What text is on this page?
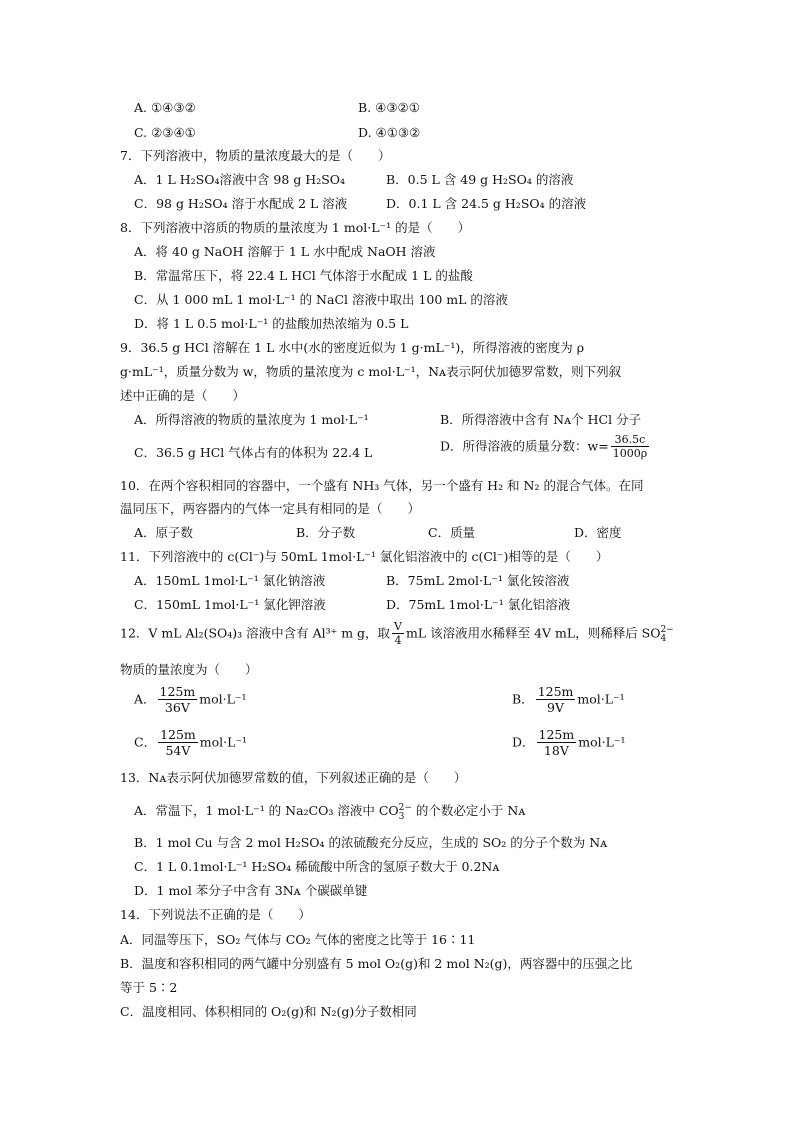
A. ①④③②	B. ④③②①
C. ②③④①	D. ④①③②
7．下列溶液中，物质的量浓度最大的是（　　）
A．1 L H₂SO₄溶液中含 98 g H₂SO₄	B．0.5 L 含 49 g H₂SO₄ 的溶液
C．98 g H₂SO₄ 溶于水配成 2 L 溶液	D．0.1 L 含 24.5 g H₂SO₄ 的溶液
8．下列溶液中溶质的物质的量浓度为 1 mol·L⁻¹ 的是（　　）
A．将 40 g NaOH 溶解于 1 L 水中配成 NaOH 溶液
B．常温常压下，将 22.4 L HCl 气体溶于水配成 1 L 的盐酸
C．从 1 000 mL 1 mol·L⁻¹ 的 NaCl 溶液中取出 100 mL 的溶液
D．将 1 L 0.5 mol·L⁻¹ 的盐酸加热浓缩为 0.5 L
9．36.5 g HCl 溶解在 1 L 水中(水的密度近似为 1 g·mL⁻¹)，所得溶液的密度为 ρ
g·mL⁻¹，质量分数为 w，物质的量浓度为 c mol·L⁻¹，Nᴀ表示阿伏加德罗常数，则下列叙
述中正确的是（　　）
A．所得溶液的物质的量浓度为 1 mol·L⁻¹	B．所得溶液中含有 Nᴀ个 HCl 分子
C．36.5 g HCl 气体占有的体积为 22.4 L	D．所得溶液的质量分数：$w= \frac{36.5c}{1000\rho}$
10．在两个容积相同的容器中，一个盛有 NH₃ 气体，另一个盛有 H₂ 和 N₂ 的混合气体。在同
温同压下，两容器内的气体一定具有相同的是（　　）
A．原子数	B．分子数	C．质量	D．密度
11．下列溶液中的 c(Cl⁻)与 50mL 1mol·L⁻¹ 氯化铝溶液中的 c(Cl⁻)相等的是（　　）
A．150mL 1mol·L⁻¹ 氯化钠溶液	B．75mL 2mol·L⁻¹ 氯化铵溶液
C．150mL 1mol·L⁻¹ 氯化钾溶液	D．75mL 1mol·L⁻¹ 氯化铝溶液
12．V mL Al₂(SO₄)₃ 溶液中含有 Al³⁺ m g，取 $\frac{V}{4}$ mL 该溶液用水稀释至 4V mL，则稀释后 SO 2−
4
物质的量浓度为（　　）
A． $\frac{125m}{36V} mol\cdot L^{-1}$	B． $\frac{125m}{9V} mol\cdot L^{-1}$
C． $\frac{125m}{54V} mol\cdot L^{-1}$	D． $\frac{125m}{18V} mol\cdot L^{-1}$
13．Nᴀ表示阿伏加德罗常数的值，下列叙述正确的是（　　）
A．常温下，1 mol·L⁻¹ 的 Na₂CO₃ 溶液中 CO 2−
3 的个数必定小于 Nᴀ
B．1 mol Cu 与含 2 mol H₂SO₄ 的浓硫酸充分反应，生成的 SO₂ 的分子个数为 Nᴀ
C．1 L 0.1mol·L⁻¹ H₂SO₄ 稀硫酸中所含的氢原子数大于 0.2Nᴀ
D．1 mol 苯分子中含有 3Nᴀ 个碳碳单键
14．下列说法不正确的是（　　）
A．同温等压下，SO₂ 气体与 CO₂ 气体的密度之比等于 16∶11
B．温度和容积相同的两气罐中分别盛有 5 mol O₂(g)和 2 mol N₂(g)，两容器中的压强之比
等于 5∶2
C．温度相同、体积相同的 O₂(g)和 N₂(g)分子数相同
